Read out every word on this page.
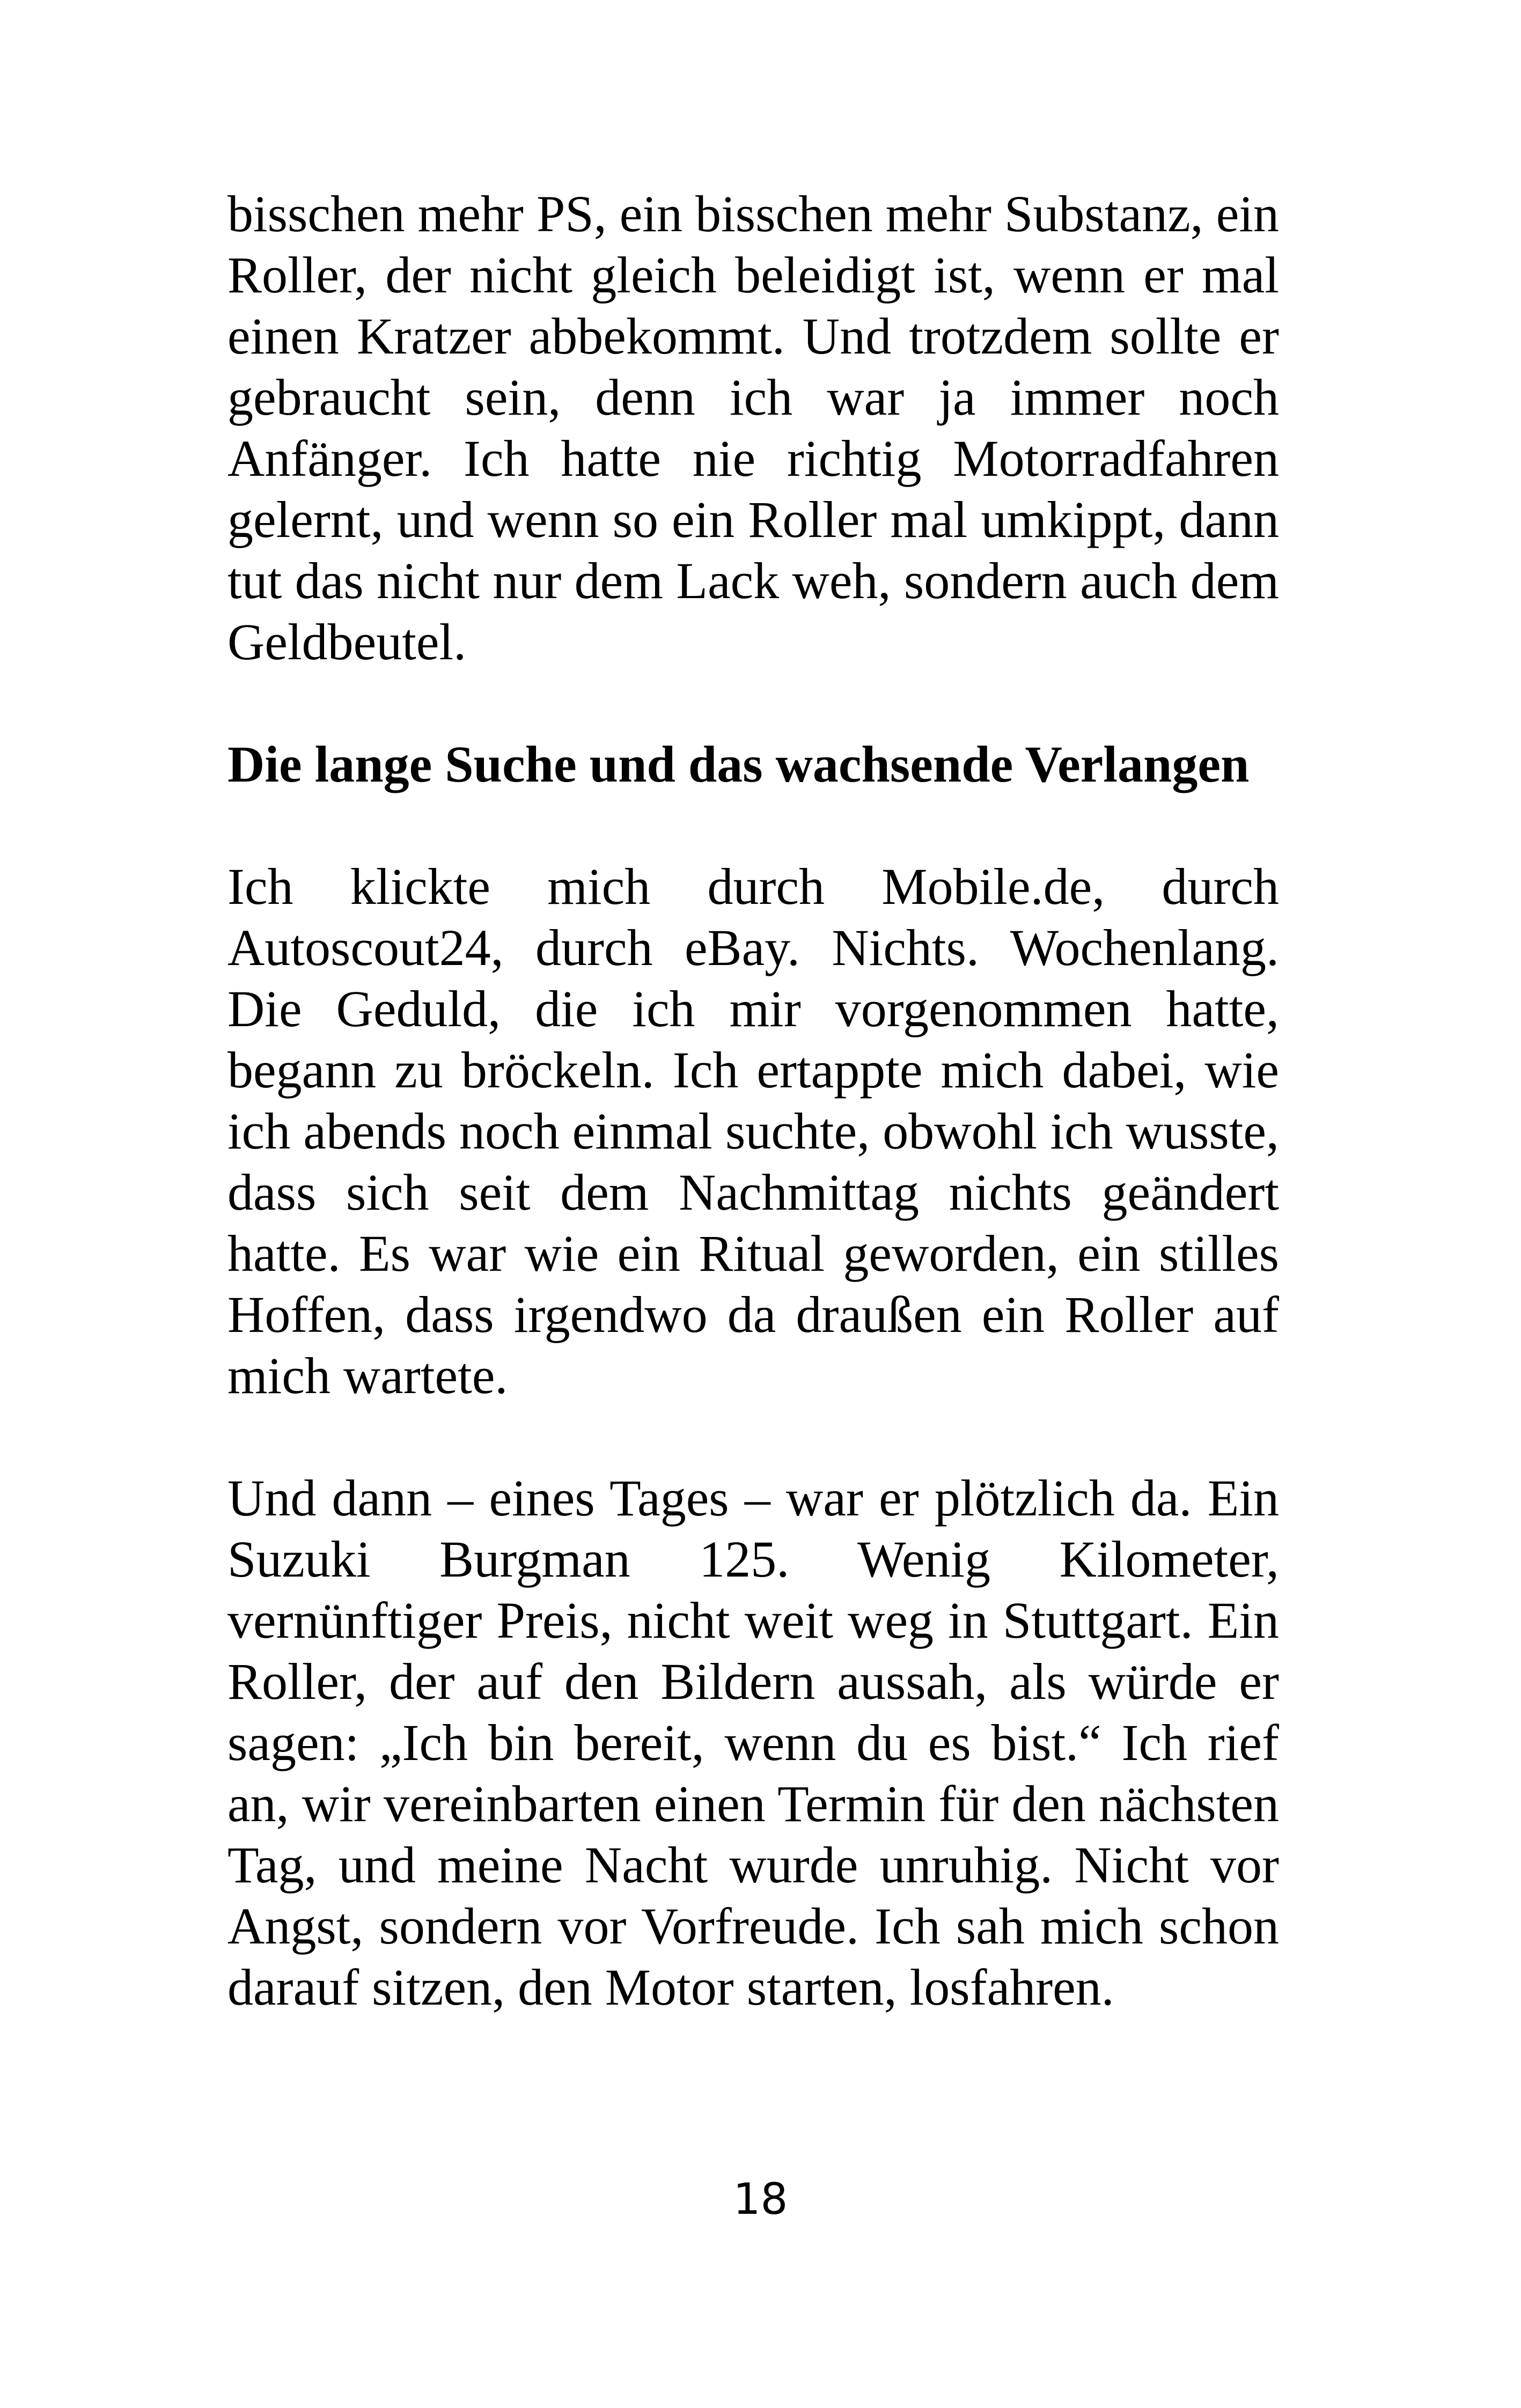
bisschen mehr PS, ein bisschen mehr Substanz, ein Roller, der nicht gleich beleidigt ist, wenn er mal einen Kratzer abbekommt. Und trotzdem sollte er gebraucht sein, denn ich war ja immer noch Anfänger. Ich hatte nie richtig Motorradfahren gelernt, und wenn so ein Roller mal umkippt, dann tut das nicht nur dem Lack weh, sondern auch dem Geldbeutel.

Die lange Suche und das wachsende Verlangen

Ich klickte mich durch Mobile.de, durch Autoscout24, durch eBay. Nichts. Wochenlang. Die Geduld, die ich mir vorgenommen hatte, begann zu bröckeln. Ich ertappte mich dabei, wie ich abends noch einmal suchte, obwohl ich wusste, dass sich seit dem Nachmittag nichts geändert hatte. Es war wie ein Ritual geworden, ein stilles Hoffen, dass irgendwo da draußen ein Roller auf mich wartete.

Und dann – eines Tages – war er plötzlich da. Ein Suzuki Burgman 125. Wenig Kilometer, vernünftiger Preis, nicht weit weg in Stuttgart. Ein Roller, der auf den Bildern aussah, als würde er sagen: „Ich bin bereit, wenn du es bist.“ Ich rief an, wir vereinbarten einen Termin für den nächsten Tag, und meine Nacht wurde unruhig. Nicht vor Angst, sondern vor Vorfreude. Ich sah mich schon darauf sitzen, den Motor starten, losfahren.

18
